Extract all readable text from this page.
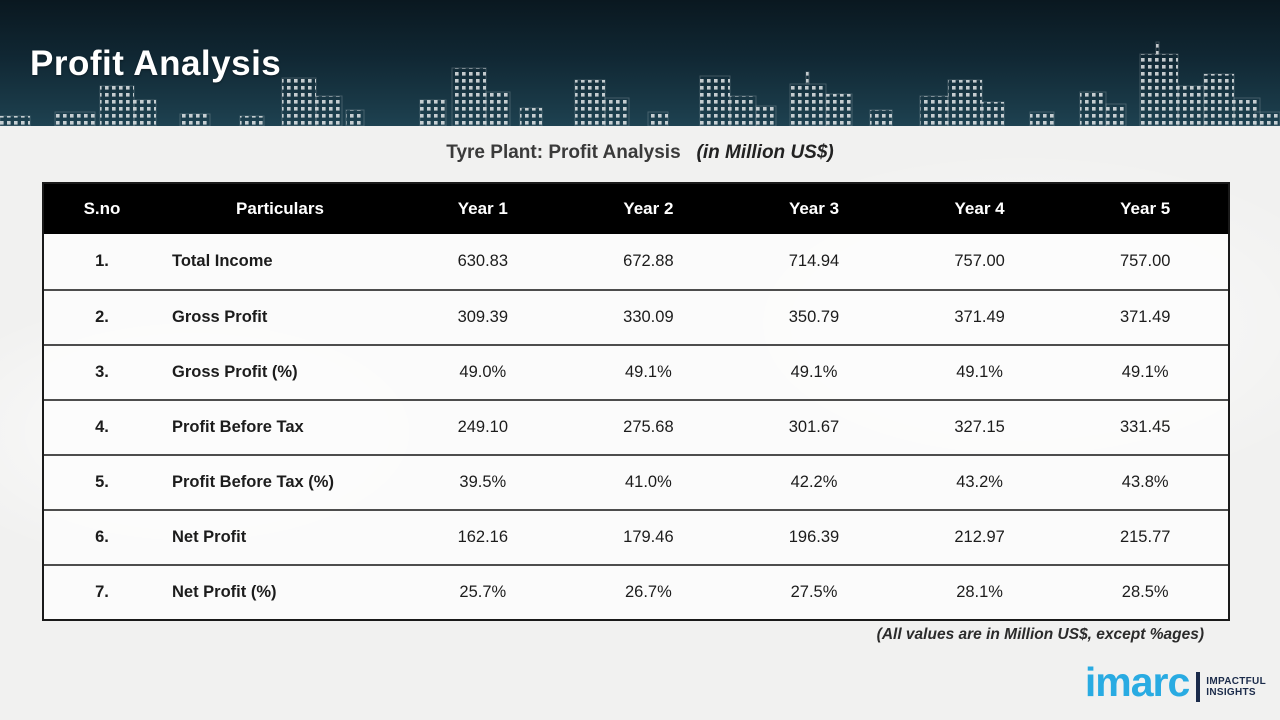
Profit Analysis
Tyre Plant: Profit Analysis (in Million US$)
S.no	Particulars	Year 1	Year 2	Year 3	Year 4	Year 5
1.	Total Income	630.83	672.88	714.94	757.00	757.00
2.	Gross Profit	309.39	330.09	350.79	371.49	371.49
3.	Gross Profit (%)	49.0%	49.1%	49.1%	49.1%	49.1%
4.	Profit Before Tax	249.10	275.68	301.67	327.15	331.45
5.	Profit Before Tax (%)	39.5%	41.0%	42.2%	43.2%	43.8%
6.	Net Profit	162.16	179.46	196.39	212.97	215.77
7.	Net Profit (%)	25.7%	26.7%	27.5%	28.1%	28.5%
(All values are in Million US$, except %ages)
imarc IMPACTFUL
INSIGHTS
